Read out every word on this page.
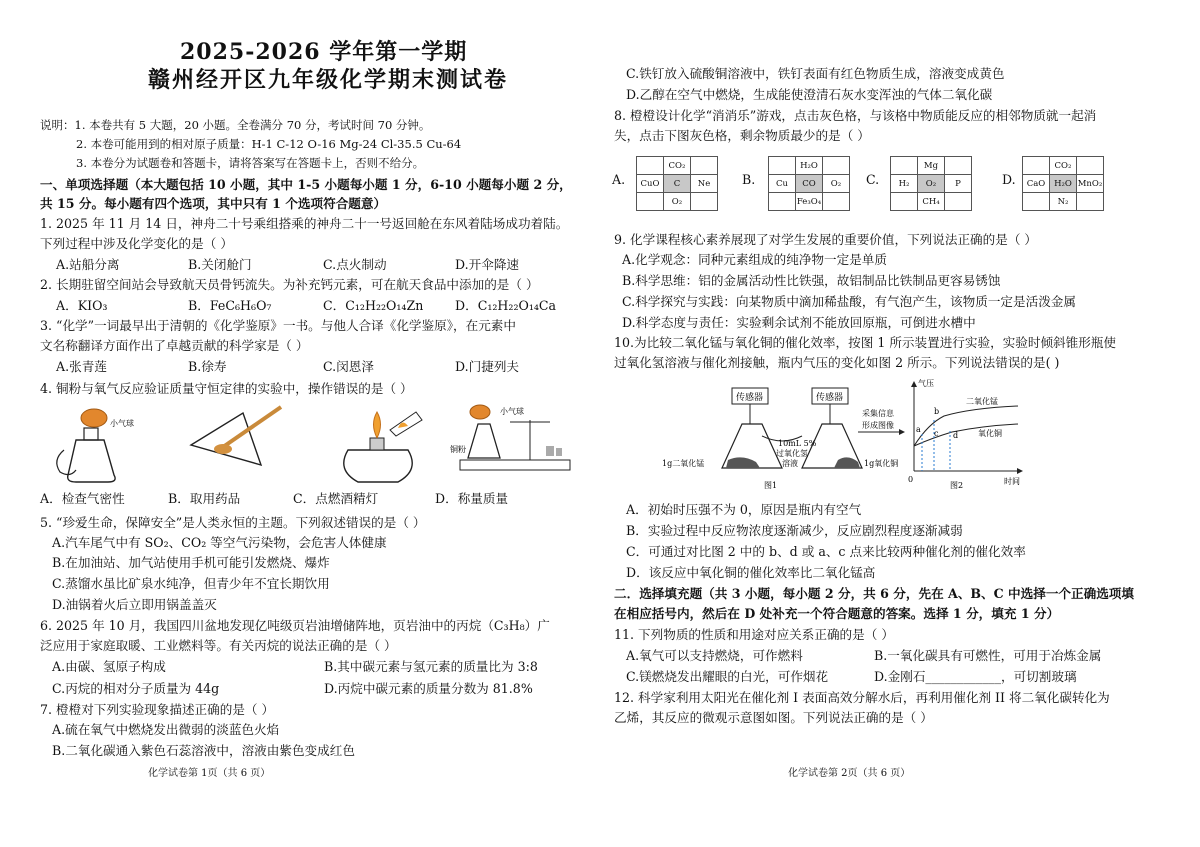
2025-2026 学年第一学期
赣州经开区九年级化学期末测试卷
说明：1. 本卷共有 5 大题，20 小题。全卷满分 70 分，考试时间 70 分钟。
2. 本卷可能用到的相对原子质量：H-1 C-12 O-16 Mg-24 Cl-35.5 Cu-64
3. 本卷分为试题卷和答题卡，请将答案写在答题卡上，否则不给分。
一、单项选择题（本大题包括 10 小题，其中 1-5 小题每小题 1 分，6-10 小题每小题 2 分，
共 15 分。每小题有四个选项，其中只有 1 个选项符合题意）
1. 2025 年 11 月 14 日，神舟二十号乘组搭乘的神舟二十一号返回舱在东风着陆场成功着陆。
下列过程中涉及化学变化的是（ ）
A.站船分离	B.关闭舱门	C.点火制动	D.开伞降速
2. 长期驻留空间站会导致航天员骨钙流失。为补充钙元素，可在航天食品中添加的是（ ）
A．KIO₃	B．FeC₆H₆O₇	C．C₁₂H₂₂O₁₄Zn	D．C₁₂H₂₂O₁₄Ca
3. “化学”一词最早出于清朝的《化学鉴原》一书。与他人合译《化学鉴原》，在元素中
文名称翻译方面作出了卓越贡献的科学家是（ ）
A.张青莲	B.徐寿	C.闵恩泽	D.门捷列夫
4. 铜粉与氧气反应验证质量守恒定律的实验中，操作错误的是（ ）
小气球
小气球
铜粉
A．检查气密性	B．取用药品	C．点燃酒精灯	D．称量质量
5. “珍爱生命，保障安全”是人类永恒的主题。下列叙述错误的是（ ）
A.汽车尾气中有 SO₂、CO₂ 等空气污染物，会危害人体健康
B.在加油站、加气站使用手机可能引发燃烧、爆炸
C.蒸馏水虽比矿泉水纯净，但青少年不宜长期饮用
D.油锅着火后立即用锅盖盖灭
6. 2025 年 10 月，我国四川盆地发现亿吨级页岩油增储阵地，页岩油中的丙烷（C₃H₈）广
泛应用于家庭取暖、工业燃料等。有关丙烷的说法正确的是（ ）
A.由碳、氢原子构成	B.其中碳元素与氢元素的质量比为 3:8
C.丙烷的相对分子质量为 44g	D.丙烷中碳元素的质量分数为 81.8%
7. 橙橙对下列实验现象描述正确的是（ ）
A.硫在氧气中燃烧发出微弱的淡蓝色火焰
B.二氧化碳通入紫色石蕊溶液中，溶液由紫色变成红色
化学试卷第 1页（共 6 页）
C.铁钉放入硫酸铜溶液中，铁钉表面有红色物质生成，溶液变成黄色
D.乙醇在空气中燃烧，生成能使澄清石灰水变浑浊的气体二氧化碳
8. 橙橙设计化学“消消乐”游戏，点击灰色格，与该格中物质能反应的相邻物质就一起消
失，点击下图灰色格，剩余物质最少的是（ ）
A.
	CO₂	
CuO	C	Ne
	O₂	
B.
	H₂O	
Cu	CO	O₂
	Fe₃O₄	
C.
	Mg	
H₂	O₂	P
	CH₄	
D.
	CO₂	
CaO	H₂O	MnO₂
	N₂	
9. 化学课程核心素养展现了对学生发展的重要价值，下列说法正确的是（ ）
A.化学观念：同种元素组成的纯净物一定是单质
B.科学思维：铝的金属活动性比铁强，故铝制品比铁制品更容易锈蚀
C.科学探究与实践：向某物质中滴加稀盐酸，有气泡产生，该物质一定是活泼金属
D.科学态度与责任：实验剩余试剂不能放回原瓶，可倒进水槽中
10.为比较二氧化锰与氧化铜的催化效率，按图 1 所示装置进行实验，实验时倾斜锥形瓶使
过氧化氢溶液与催化剂接触，瓶内气压的变化如图 2 所示。下列说法错误的是( )
传感器	传感器
10mL 5%
过氧化氢
溶液
1g二氧化锰	1g氧化铜
图1
采集信息
形成图像
气压
时间
0
a
b
c d
二氧化锰
氧化铜
图2
A．初始时压强不为 0，原因是瓶内有空气
B．实验过程中反应物浓度逐渐减少，反应剧烈程度逐渐减弱
C．可通过对比图 2 中的 b、d 或 a、c 点来比较两种催化剂的催化效率
D．该反应中氧化铜的催化效率比二氧化锰高
二．选择填充题（共 3 小题，每小题 2 分，共 6 分，先在 A、B、C 中选择一个正确选项填
在相应括号内，然后在 D 处补充一个符合题意的答案。选择 1 分，填充 1 分）
11. 下列物质的性质和用途对应关系正确的是（ ）
A.氧气可以支持燃烧，可作燃料	B.一氧化碳具有可燃性，可用于冶炼金属
C.镁燃烧发出耀眼的白光，可作烟花	D.金刚石____________，可切割玻璃
12. 科学家利用太阳光在催化剂 I 表面高效分解水后，再利用催化剂 II 将二氧化碳转化为
乙烯，其反应的微观示意图如图。下列说法正确的是（ ）
化学试卷第 2页（共 6 页）
